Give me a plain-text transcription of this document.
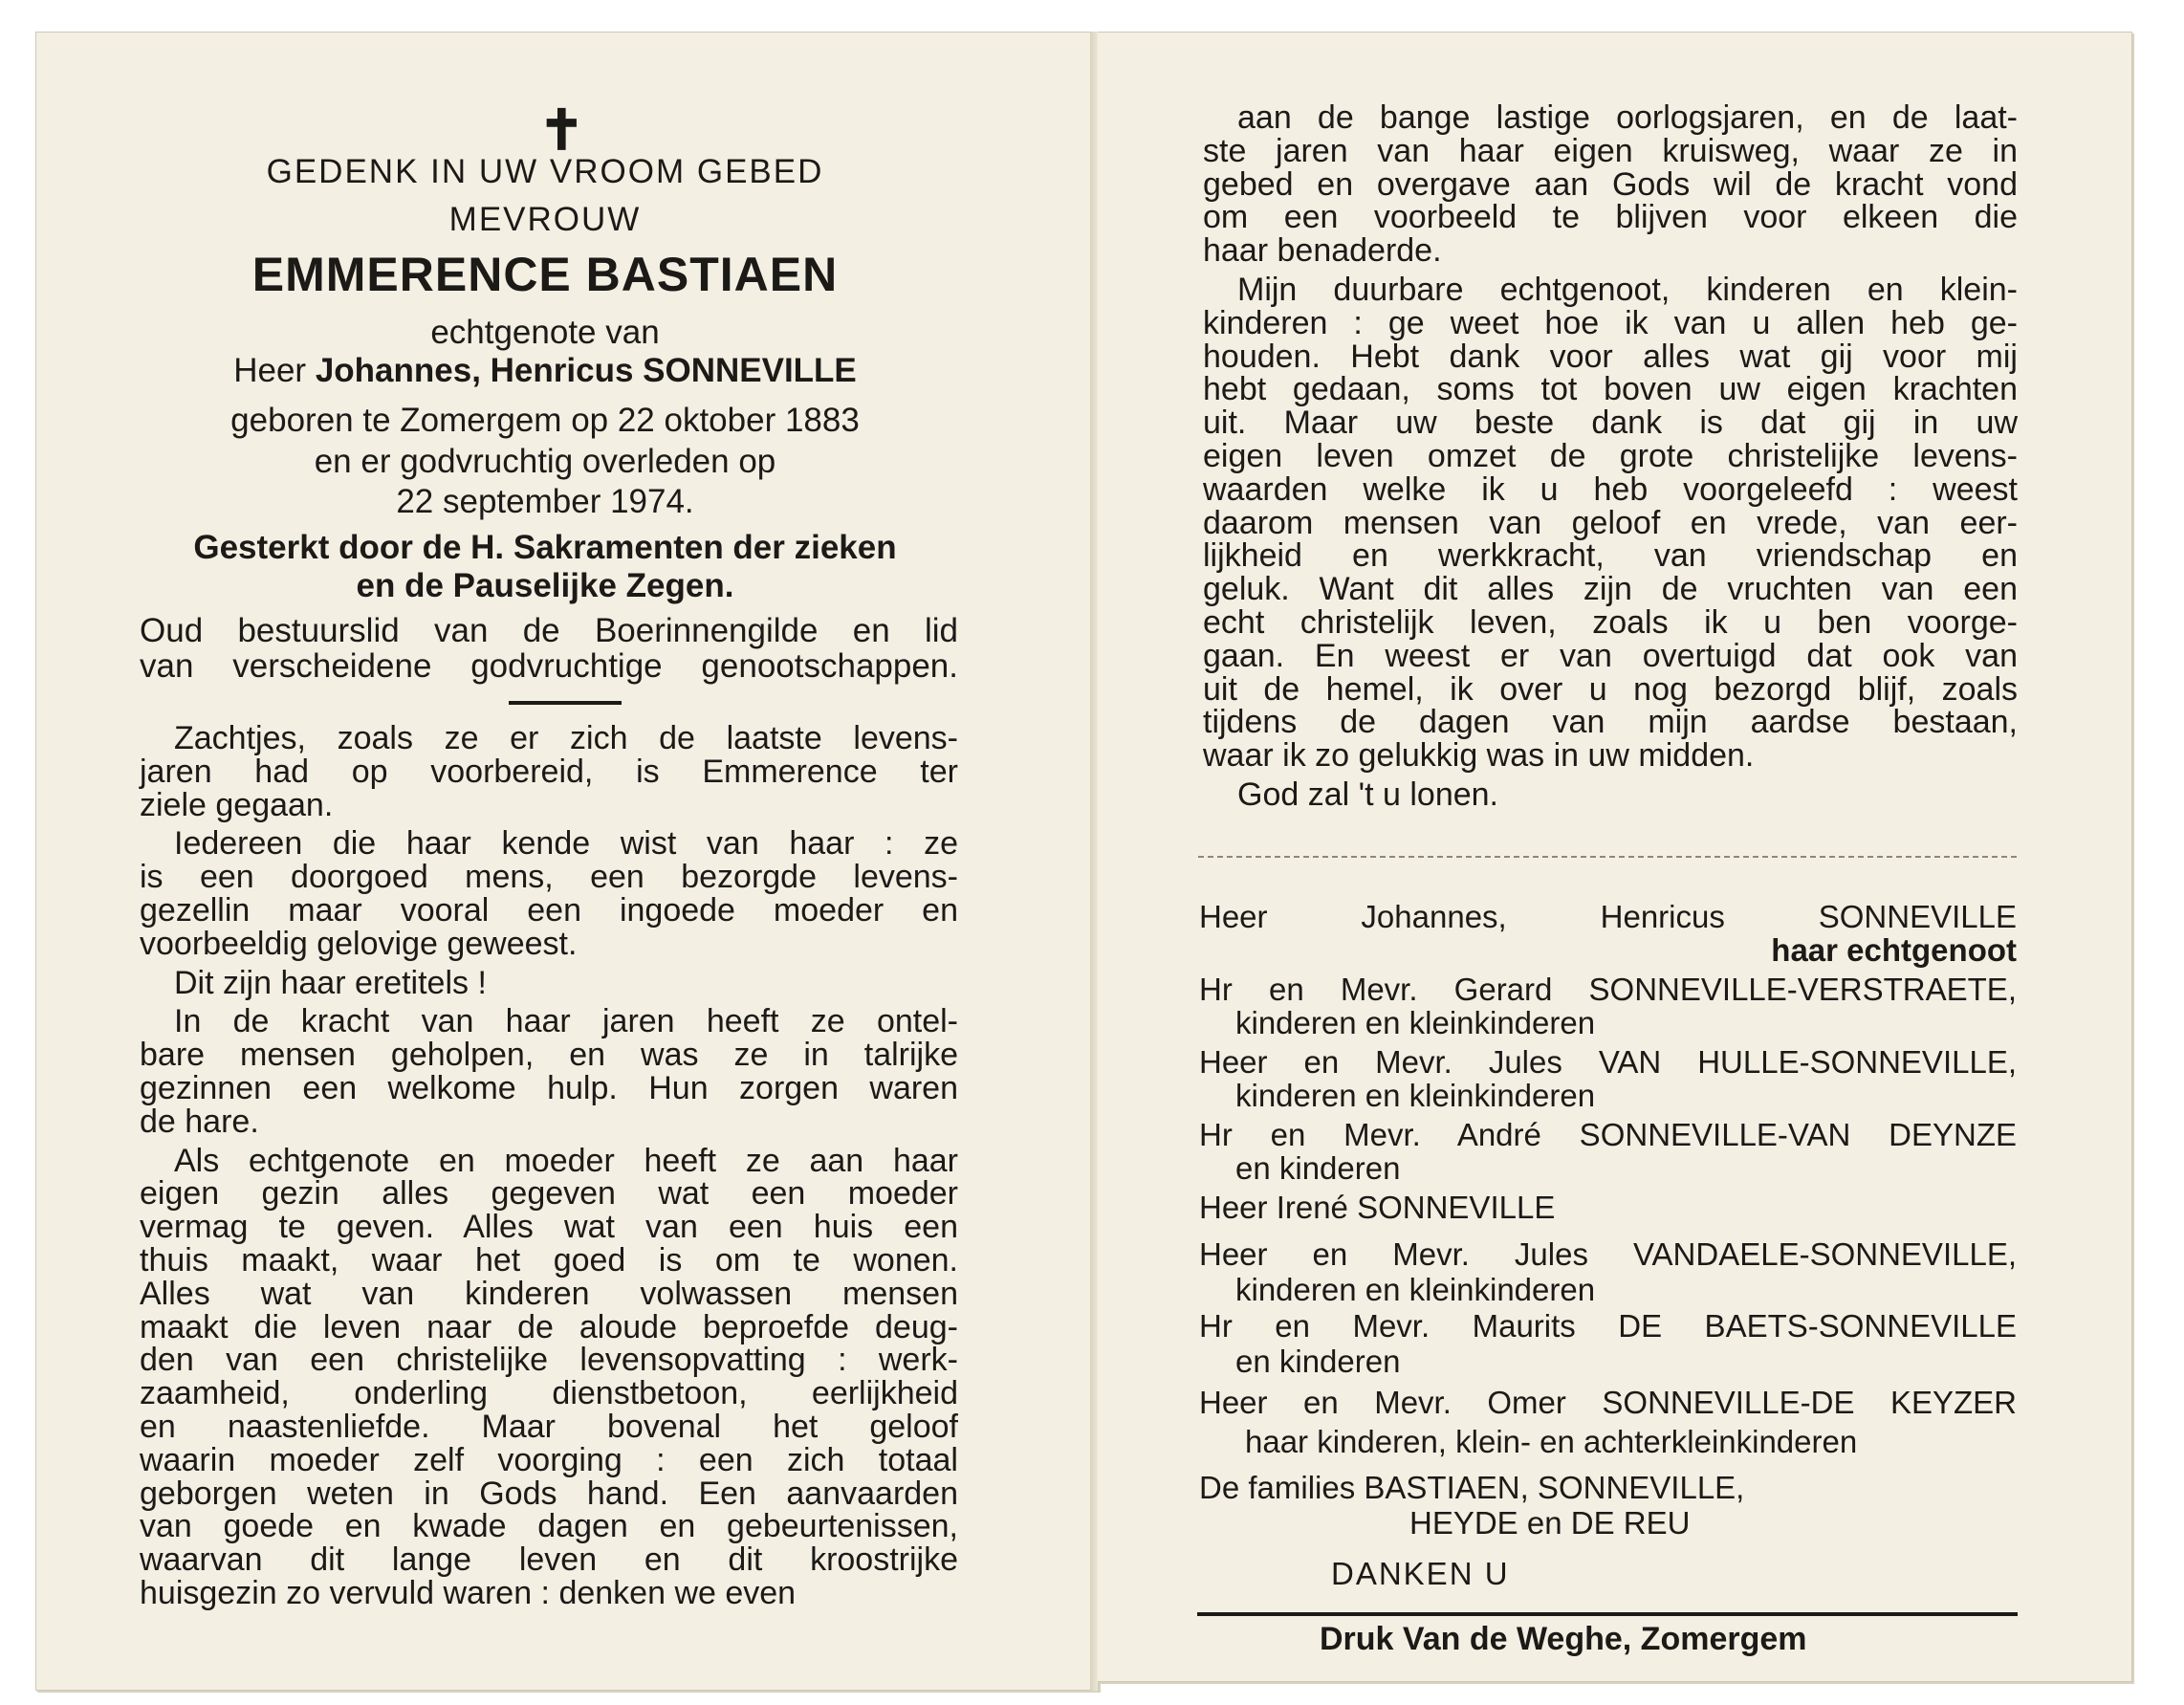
✝
GEDENK IN UW VROOM GEBED
MEVROUW
EMMERENCE BASTIAEN
echtgenote van
Heer Johannes, Henricus SONNEVILLE
geboren te Zomergem op 22 oktober 1883
en er godvruchtig overleden op
22 september 1974.
Gesterkt door de H. Sakramenten der zieken
en de Pauselijke Zegen.
Oud bestuurslid van de Boerinnengilde en lid
van verscheidene godvruchtige genootschappen.
Zachtjes, zoals ze er zich de laatste levens-
jaren had op voorbereid, is Emmerence ter
ziele gegaan.
Iedereen die haar kende wist van haar : ze
is een doorgoed mens, een bezorgde levens-
gezellin maar vooral een ingoede moeder en
voorbeeldig gelovige geweest.
Dit zijn haar eretitels !
In de kracht van haar jaren heeft ze ontel-
bare mensen geholpen, en was ze in talrijke
gezinnen een welkome hulp. Hun zorgen waren
de hare.
Als echtgenote en moeder heeft ze aan haar
eigen gezin alles gegeven wat een moeder
vermag te geven. Alles wat van een huis een
thuis maakt, waar het goed is om te wonen.
Alles wat van kinderen volwassen mensen
maakt die leven naar de aloude beproefde deug-
den van een christelijke levensopvatting : werk-
zaamheid, onderling dienstbetoon, eerlijkheid
en naastenliefde. Maar bovenal het geloof
waarin moeder zelf voorging : een zich totaal
geborgen weten in Gods hand. Een aanvaarden
van goede en kwade dagen en gebeurtenissen,
waarvan dit lange leven en dit kroostrijke
huisgezin zo vervuld waren : denken we even
aan de bange lastige oorlogsjaren, en de laat-
ste jaren van haar eigen kruisweg, waar ze in
gebed en overgave aan Gods wil de kracht vond
om een voorbeeld te blijven voor elkeen die
haar benaderde.
Mijn duurbare echtgenoot, kinderen en klein-
kinderen : ge weet hoe ik van u allen heb ge-
houden. Hebt dank voor alles wat gij voor mij
hebt gedaan, soms tot boven uw eigen krachten
uit. Maar uw beste dank is dat gij in uw
eigen leven omzet de grote christelijke levens-
waarden welke ik u heb voorgeleefd : weest
daarom mensen van geloof en vrede, van eer-
lijkheid en werkkracht, van vriendschap en
geluk. Want dit alles zijn de vruchten van een
echt christelijk leven, zoals ik u ben voorge-
gaan. En weest er van overtuigd dat ook van
uit de hemel, ik over u nog bezorgd blijf, zoals
tijdens de dagen van mijn aardse bestaan,
waar ik zo gelukkig was in uw midden.
God zal 't u lonen.
Heer Johannes, Henricus SONNEVILLE
haar echtgenoot
Hr en Mevr. Gerard SONNEVILLE-VERSTRAETE,
kinderen en kleinkinderen
Heer en Mevr. Jules VAN HULLE-SONNEVILLE,
kinderen en kleinkinderen
Hr en Mevr. André SONNEVILLE-VAN DEYNZE
en kinderen
Heer Irené SONNEVILLE
Heer en Mevr. Jules VANDAELE-SONNEVILLE,
kinderen en kleinkinderen
Hr en Mevr. Maurits DE BAETS-SONNEVILLE
en kinderen
Heer en Mevr. Omer SONNEVILLE-DE KEYZER
haar kinderen, klein- en achterkleinkinderen
De families BASTIAEN, SONNEVILLE,
HEYDE en DE REU
DANKEN U
Druk Van de Weghe, Zomergem
